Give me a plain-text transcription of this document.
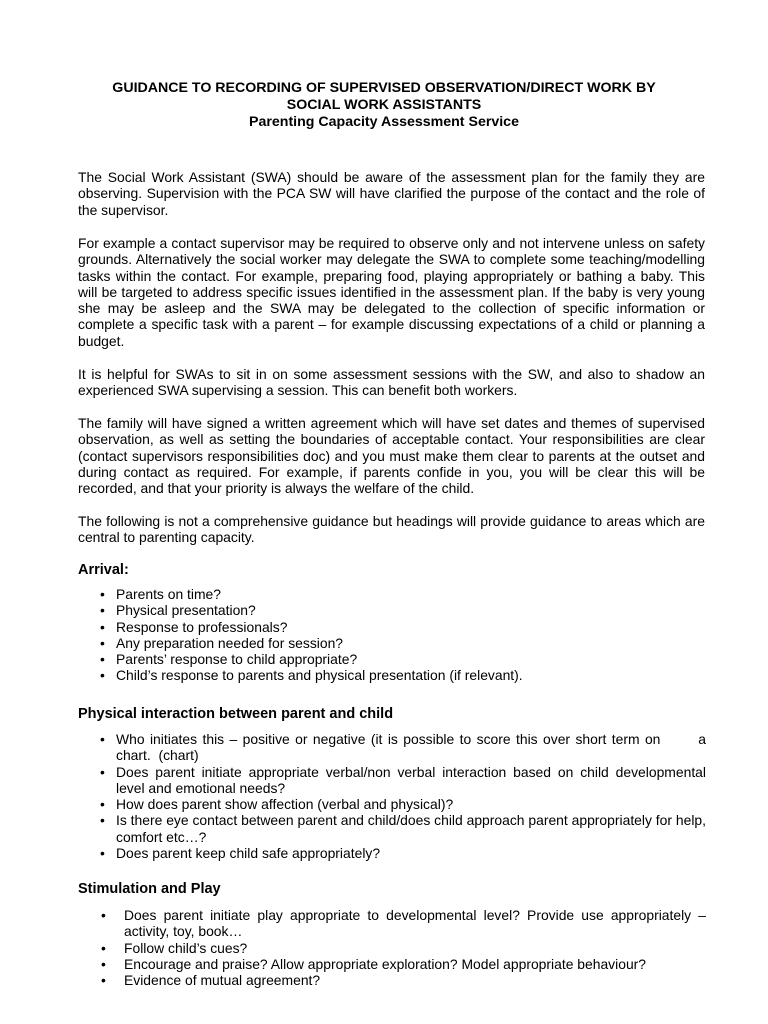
GUIDANCE TO RECORDING OF SUPERVISED OBSERVATION/DIRECT WORK BY
SOCIAL WORK ASSISTANTS
Parenting Capacity Assessment Service

The Social Work Assistant (SWA) should be aware of the assessment plan for the family they are observing. Supervision with the PCA SW will have clarified the purpose of the contact and the role of the supervisor.

For example a contact supervisor may be required to observe only and not intervene unless on safety grounds. Alternatively the social worker may delegate the SWA to complete some teaching/modelling tasks within the contact. For example, preparing food, playing appropriately or bathing a baby. This will be targeted to address specific issues identified in the assessment plan. If the baby is very young she may be asleep and the SWA may be delegated to the collection of specific information or complete a specific task with a parent – for example discussing expectations of a child or planning a budget.

It is helpful for SWAs to sit in on some assessment sessions with the SW, and also to shadow an experienced SWA supervising a session. This can benefit both workers.

The family will have signed a written agreement which will have set dates and themes of supervised observation, as well as setting the boundaries of acceptable contact. Your responsibilities are clear (contact supervisors responsibilities doc) and you must make them clear to parents at the outset and during contact as required. For example, if parents confide in you, you will be clear this will be recorded, and that your priority is always the welfare of the child.

The following is not a comprehensive guidance but headings will provide guidance to areas which are central to parenting capacity.

Arrival:
• Parents on time?
• Physical presentation?
• Response to professionals?
• Any preparation needed for session?
• Parents’ response to child appropriate?
• Child’s response to parents and physical presentation (if relevant).
Physical interaction between parent and child
• Who initiates this – positive or negative (it is possible to score this over short term on       a chart.  (chart)
• Does parent initiate appropriate verbal/non verbal interaction based on child developmental level and emotional needs?
• How does parent show affection (verbal and physical)?
• Is there eye contact between parent and child/does child approach parent appropriately for help, comfort etc…?
• Does parent keep child safe appropriately?
Stimulation and Play
• Does parent initiate play appropriate to developmental level? Provide use appropriately – activity, toy, book…
• Follow child’s cues?
• Encourage and praise? Allow appropriate exploration? Model appropriate behaviour?
• Evidence of mutual agreement?
